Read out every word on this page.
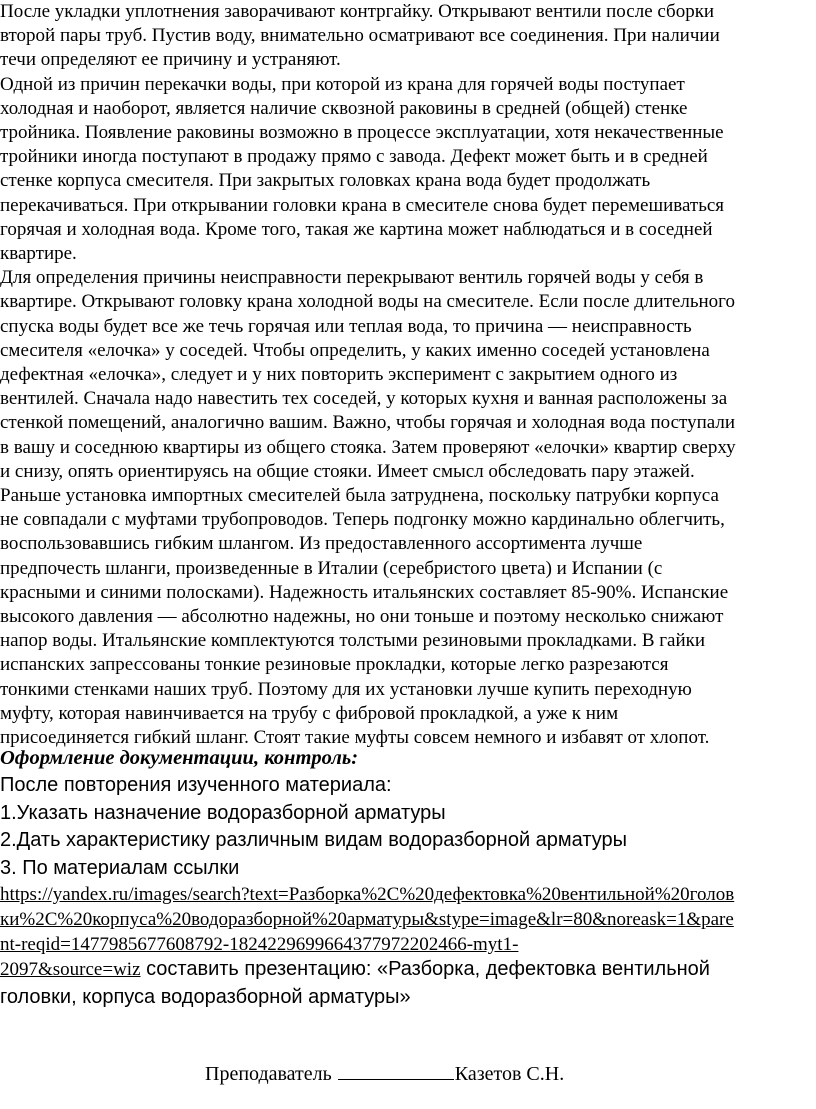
После укладки уплотнения заворачивают контргайку. Открывают вентили после сборки
второй пары труб. Пустив воду, внимательно осматривают все соединения. При наличии
течи определяют ее причину и устраняют.
Одной из причин перекачки воды, при которой из крана для горячей воды поступает
холодная и наоборот, является наличие сквозной раковины в средней (общей) стенке
тройника. Появление раковины возможно в процессе эксплуатации, хотя некачественные
тройники иногда поступают в продажу прямо с завода. Дефект может быть и в средней
стенке корпуса смесителя. При закрытых головках крана вода будет продолжать
перекачиваться. При открывании головки крана в смесителе снова будет перемешиваться
горячая и холодная вода. Кроме того, такая же картина может наблюдаться и в соседней
квартире.
Для определения причины неисправности перекрывают вентиль горячей воды у себя в
квартире. Открывают головку крана холодной воды на смесителе. Если после длительного
спуска воды будет все же течь горячая или теплая вода, то причина — неисправность
смесителя «елочка» у соседей. Чтобы определить, у каких именно соседей установлена
дефектная «елочка», следует и у них повторить эксперимент с закрытием одного из
вентилей. Сначала надо навестить тех соседей, у которых кухня и ванная расположены за
стенкой помещений, аналогично вашим. Важно, чтобы горячая и холодная вода поступали
в вашу и соседнюю квартиры из общего стояка. Затем проверяют «елочки» квартир сверху
и снизу, опять ориентируясь на общие стояки. Имеет смысл обследовать пару этажей.
Раньше установка импортных смесителей была затруднена, поскольку патрубки корпуса
не совпадали с муфтами трубопроводов. Теперь подгонку можно кардинально облегчить,
воспользовавшись гибким шлангом. Из предоставленного ассортимента лучше
предпочесть шланги, произведенные в Италии (серебристого цвета) и Испании (с
красными и синими полосками). Надежность итальянских составляет 85-90%. Испанские
высокого давления — абсолютно надежны, но они тоньше и поэтому несколько снижают
напор воды. Итальянские комплектуются толстыми резиновыми прокладками. В гайки
испанских запрессованы тонкие резиновые прокладки, которые легко разрезаются
тонкими стенками наших труб. Поэтому для их установки лучше купить переходную
муфту, которая навинчивается на трубу с фибровой прокладкой, а уже к ним
присоединяется гибкий шланг. Стоят такие муфты совсем немного и избавят от хлопот.
Оформление документации, контроль:
После повторения изученного материала:
1.Указать назначение водоразборной арматуры
2.Дать характеристику различным видам водоразборной арматуры
3. По материалам ссылки
https://yandex.ru/images/search?text=Разборка%2C%20дефектовка%20вентильной%20голов
ки%2C%20корпуса%20водоразборной%20арматуры&stype=image&lr=80&noreask=1&pare
nt-reqid=1477985677608792-1824229699664377972202466-myt1-
2097&source=wiz составить презентацию: «Разборка, дефектовка вентильной
головки, корпуса водоразборной арматуры»
Преподаватель	Казетов С.Н.
